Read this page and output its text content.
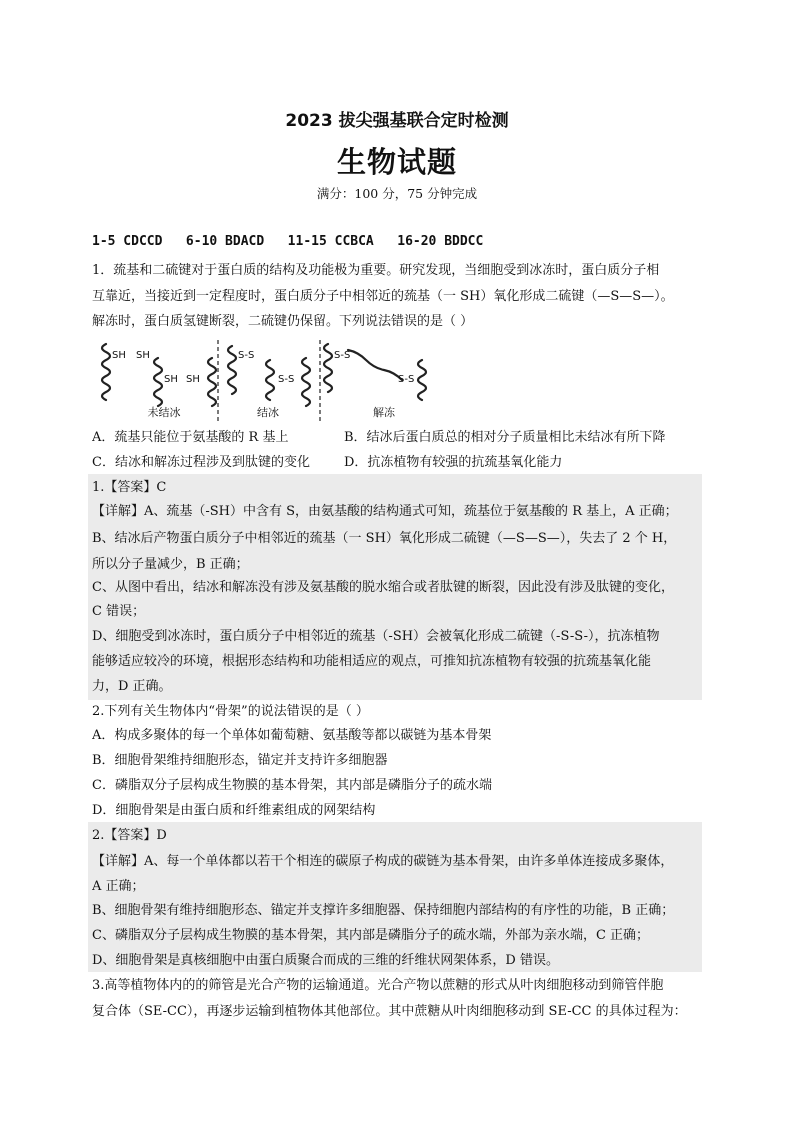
2023 拔尖强基联合定时检测
生物试题
满分：100 分，75 分钟完成
1-5 CDCCD   6-10 BDACD   11-15 CCBCA   16-20 BDDCC
1．巯基和二硫键对于蛋白质的结构及功能极为重要。研究发现，当细胞受到冰冻时，蛋白质分子相
互靠近，当接近到一定程度时，蛋白质分子中相邻近的巯基（一 SH）氧化形成二硫键（—S—S—）。
解冻时，蛋白质氢键断裂，二硫键仍保留。下列说法错误的是（ ）
SH SH
SH SH
S-S
S-S
S-S
S-S
未结冰	结冰	解冻
A．巯基只能位于氨基酸的 R 基上	B．结冰后蛋白质总的相对分子质量相比未结冰有所下降
C．结冰和解冻过程涉及到肽键的变化	D．抗冻植物有较强的抗巯基氧化能力
1.【答案】C
【详解】A、巯基（-SH）中含有 S，由氨基酸的结构通式可知，巯基位于氨基酸的 R 基上，A 正确；
B、结冰后产物蛋白质分子中相邻近的巯基（一 SH）氧化形成二硫键（—S—S—），失去了 2 个 H，
所以分子量减少，B 正确；
C、从图中看出，结冰和解冻没有涉及氨基酸的脱水缩合或者肽键的断裂，因此没有涉及肽键的变化，
C 错误；
D、细胞受到冰冻时，蛋白质分子中相邻近的巯基（-SH）会被氧化形成二硫键（-S-S-），抗冻植物
能够适应较冷的环境，根据形态结构和功能相适应的观点，可推知抗冻植物有较强的抗巯基氧化能
力，D 正确。
2.下列有关生物体内“骨架”的说法错误的是（ ）
A．构成多聚体的每一个单体如葡萄糖、氨基酸等都以碳链为基本骨架
B．细胞骨架维持细胞形态，锚定并支持许多细胞器
C．磷脂双分子层构成生物膜的基本骨架，其内部是磷脂分子的疏水端
D．细胞骨架是由蛋白质和纤维素组成的网架结构
2.【答案】D
【详解】A、每一个单体都以若干个相连的碳原子构成的碳链为基本骨架，由许多单体连接成多聚体，
A 正确；
B、细胞骨架有维持细胞形态、锚定并支撑许多细胞器、保持细胞内部结构的有序性的功能，B 正确；
C、磷脂双分子层构成生物膜的基本骨架，其内部是磷脂分子的疏水端，外部为亲水端，C 正确；
D、细胞骨架是真核细胞中由蛋白质聚合而成的三维的纤维状网架体系，D 错误。
3.高等植物体内的的筛管是光合产物的运输通道。光合产物以蔗糖的形式从叶肉细胞移动到筛管伴胞
复合体（SE-CC），再逐步运输到植物体其他部位。其中蔗糖从叶肉细胞移动到 SE-CC 的具体过程为：
